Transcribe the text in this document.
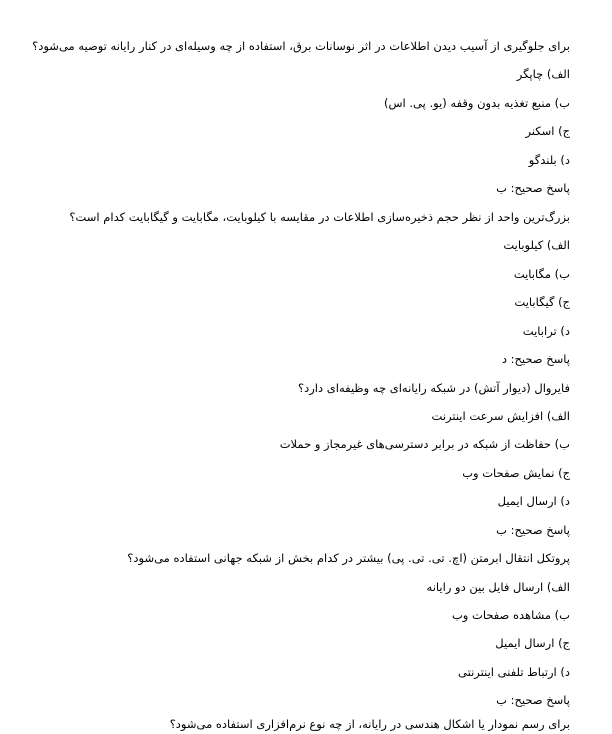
برای جلوگیری از آسیب دیدن اطلاعات در اثر نوسانات برق، استفاده از چه وسیله‌ای در کنار رایانه توصیه می‌شود؟
الف) چاپگر
ب) منبع تغذیه بدون وقفه (یو. پی. اس)
ج) اسکنر
د) بلندگو
پاسخ صحیح: ب
بزرگ‌ترین واحد از نظر حجم ذخیره‌سازی اطلاعات در مقایسه با کیلوبایت، مگابایت و گیگابایت کدام است؟
الف) کیلوبایت
ب) مگابایت
ج) گیگابایت
د) ترابایت
پاسخ صحیح: د
فایروال (دیوار آتش) در شبکه رایانه‌ای چه وظیفه‌ای دارد؟
الف) افزایش سرعت اینترنت
ب) حفاظت از شبکه در برابر دسترسی‌های غیرمجاز و حملات
ج) نمایش صفحات وب
د) ارسال ایمیل
پاسخ صحیح: ب
پروتکل انتقال ابرمتن (اچ. تی. تی. پی) بیشتر در کدام بخش از شبکه جهانی استفاده می‌شود؟
الف) ارسال فایل بین دو رایانه
ب) مشاهده صفحات وب
ج) ارسال ایمیل
د) ارتباط تلفنی اینترنتی
پاسخ صحیح: ب
برای رسم نمودار یا اشکال هندسی در رایانه، از چه نوع نرم‌افزاری استفاده می‌شود؟
